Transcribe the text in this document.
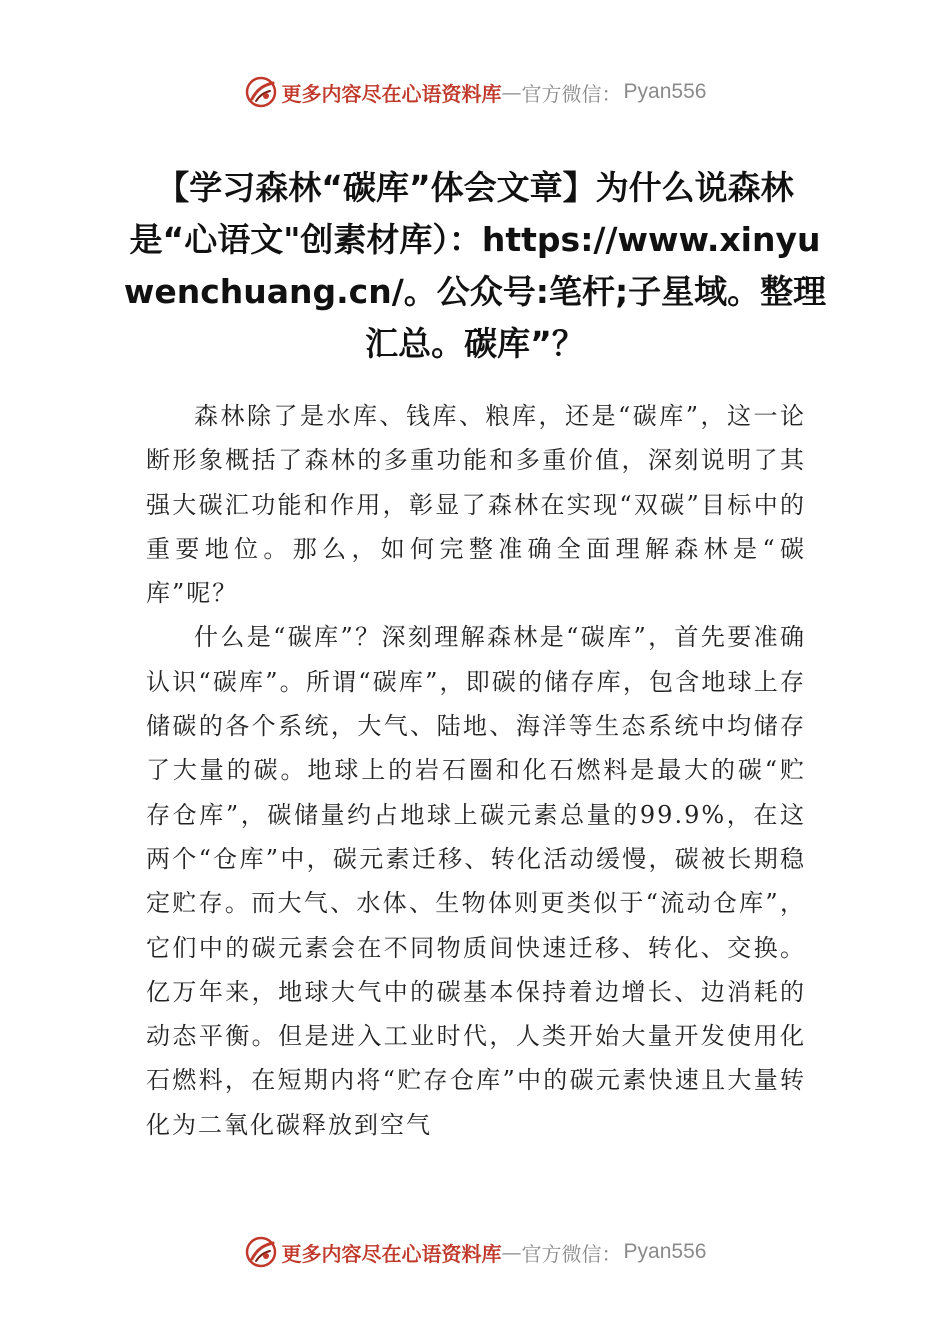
更多内容尽在心语资料库 — 官方微信： Pyan556
【学习森林“碳库”体会文章】为什么说森林是“心语文"创素材库）：https://www.xinyuwenchuang.cn/。公众号:笔杆;子星域。整理汇总。碳库”？

森林除了是水库、钱库、粮库，还是“碳库”，这一论断形象概括了森林的多重功能和多重价值，深刻说明了其强大碳汇功能和作用，彰显了森林在实现“双碳”目标中的重要地位。那么，如何完整准确全面理解森林是“碳库”呢？

什么是“碳库”？深刻理解森林是“碳库”，首先要准确认识“碳库”。所谓“碳库”，即碳的储存库，包含地球上存储碳的各个系统，大气、陆地、海洋等生态系统中均储存了大量的碳。地球上的岩石圈和化石燃料是最大的碳“贮存仓库”，碳储量约占地球上碳元素总量的99.9%，在这两个“仓库”中，碳元素迁移、转化活动缓慢，碳被长期稳定贮存。而大气、水体、生物体则更类似于“流动仓库”，它们中的碳元素会在不同物质间快速迁移、转化、交换。亿万年来，地球大气中的碳基本保持着边增长、边消耗的动态平衡。但是进入工业时代，人类开始大量开发使用化石燃料，在短期内将“贮存仓库”中的碳元素快速且大量转化为二氧化碳释放到空气

更多内容尽在心语资料库 — 官方微信： Pyan556
